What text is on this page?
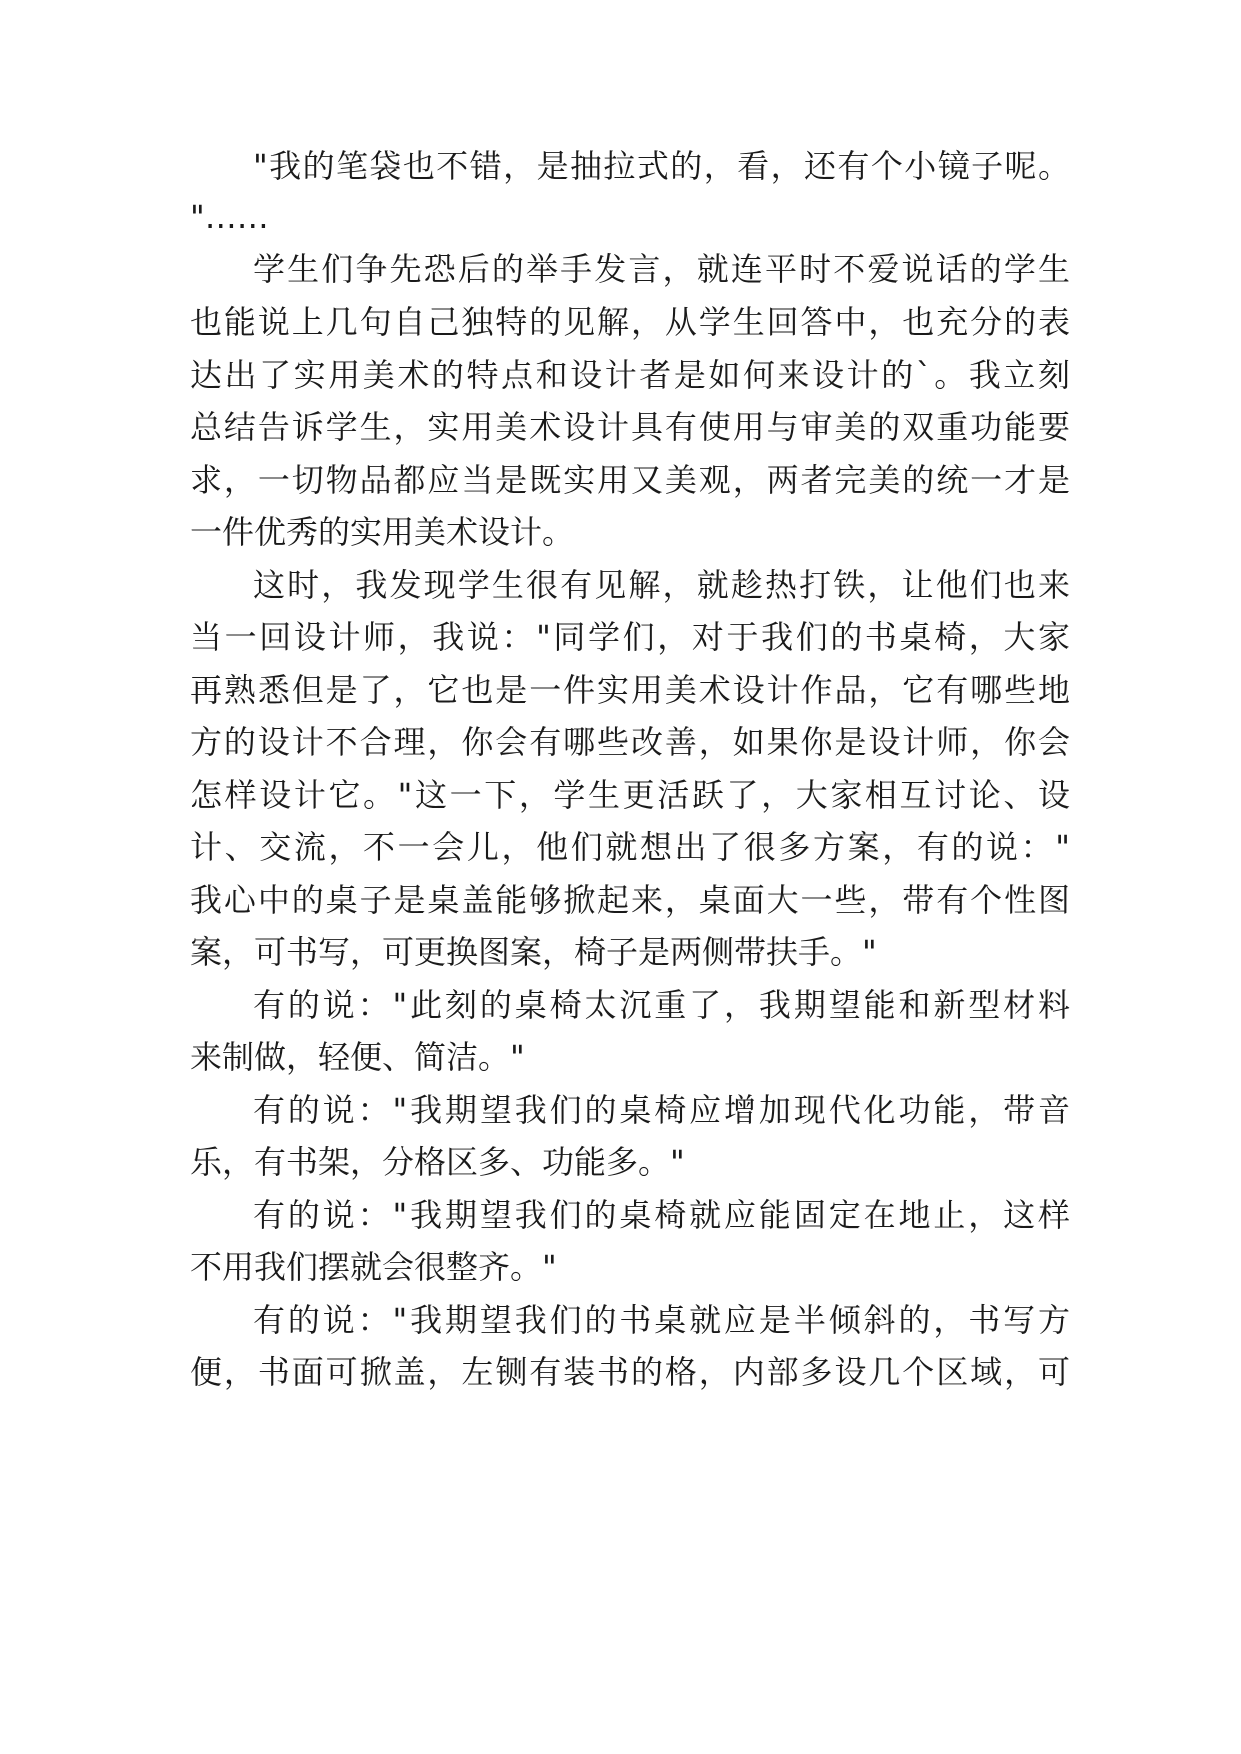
"我的笔袋也不错，是抽拉式的，看，还有个小镜子呢。
"……
学生们争先恐后的举手发言，就连平时不爱说话的学生
也能说上几句自己独特的见解，从学生回答中，也充分的表
达出了实用美术的特点和设计者是如何来设计的`。我立刻
总结告诉学生，实用美术设计具有使用与审美的双重功能要
求，一切物品都应当是既实用又美观，两者完美的统一才是
一件优秀的实用美术设计。
这时，我发现学生很有见解，就趁热打铁，让他们也来
当一回设计师，我说："同学们，对于我们的书桌椅，大家
再熟悉但是了，它也是一件实用美术设计作品，它有哪些地
方的设计不合理，你会有哪些改善，如果你是设计师，你会
怎样设计它。"这一下，学生更活跃了，大家相互讨论、设
计、交流，不一会儿，他们就想出了很多方案，有的说："
我心中的桌子是桌盖能够掀起来，桌面大一些，带有个性图
案，可书写，可更换图案，椅子是两侧带扶手。"
有的说："此刻的桌椅太沉重了，我期望能和新型材料
来制做，轻便、简洁。"
有的说："我期望我们的桌椅应增加现代化功能，带音
乐，有书架，分格区多、功能多。"
有的说："我期望我们的桌椅就应能固定在地止，这样
不用我们摆就会很整齐。"
有的说："我期望我们的书桌就应是半倾斜的，书写方
便，书面可掀盖，左铡有装书的格，内部多设几个区域，可
